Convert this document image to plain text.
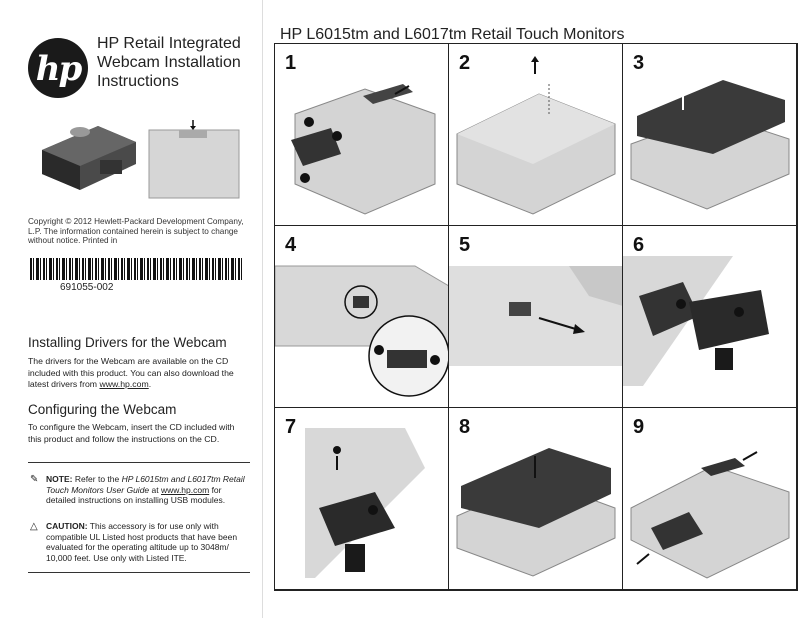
hp
HP Retail Integrated Webcam Installation Instructions
Copyright © 2012 Hewlett-Packard Development Company, L.P. The information contained herein is subject to change without notice. Printed in
691055-002
Installing Drivers for the Webcam

The drivers for the Webcam are available on the CD included with this product. You can also download the latest drivers from www.hp.com.

Configuring the Webcam

To configure the Webcam, insert the CD included with this product and follow the instructions on the CD.

✎ NOTE: Refer to the HP L6015tm and L6017tm Retail Touch Monitors User Guide at www.hp.com for detailed instructions on installing USB modules.
△ CAUTION: This accessory is for use only with compatible UL Listed host products that have been evaluated for the operating altitude up to 3048m/ 10,000 feet. Use only with Listed ITE.
HP L6015tm and L6017tm Retail Touch Monitors
1	2	3
4	5	6
7	8	9
